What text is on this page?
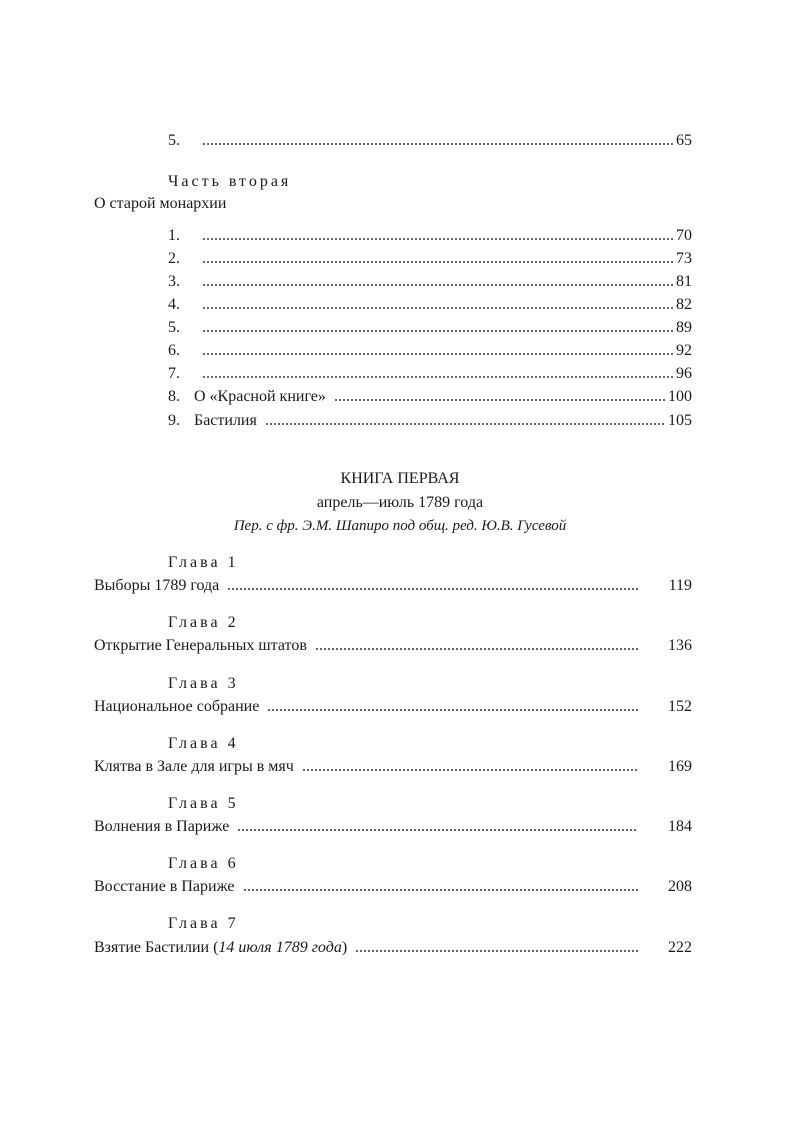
5.	65
Часть вторая
О старой монархии
1.	70
2.	73
3.	81
4.	82
5.	89
6.	92
7.	96
8. О «Красной книге»	100
9. Бастилия	105
КНИГА ПЕРВАЯ
апрель—июль 1789 года
Пер. с фр. Э.М. Шапиро под общ. ред. Ю.В. Гусевой
Глава 1
Выборы 1789 года	119
Глава 2
Открытие Генеральных штатов	136
Глава 3
Национальное собрание	152
Глава 4
Клятва в Зале для игры в мяч	169
Глава 5
Волнения в Париже	184
Глава 6
Восстание в Париже	208
Глава 7
Взятие Бастилии (14 июля 1789 года)	222
